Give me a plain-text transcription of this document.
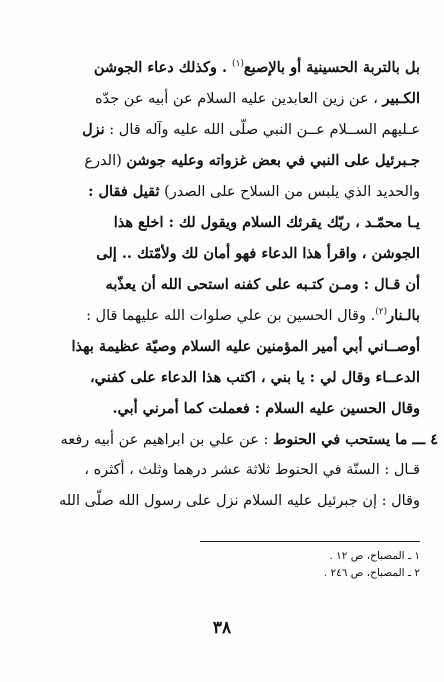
بل بالتربة الحسينية أو بالإصبع$^{(١)}$ . وكذلك دعاء الجوشن
الكـبير ، عن زين العابدين عليه السلام عن أبيه عن جدّه
عـليهم الســلام عــن النبي صلّى الله عليه وآله قال : نزل
جـبرئيل على النبي في بعض غزواته وعليه جوشن (الدرع
والحديد الذي يلبس من السلاح على الصدر) ثقيل فقال :
يـا محمّـد ، ربّك يقرئك السلام ويقول لك : اخلع هذا
الجوشن ، واقرأ هذا الدعاء فهو أمان لك ولأمّتك .. إلى
أن قـال : ومـن كتـبه على كفنه استحى الله أن يعذّبه
بالـنار$^{(٢)}$. وقال الحسين بن علي صلوات الله عليهما قال :
أوصــاني أبي أمير المؤمنين عليه السلام وصيّة عظيمة بهذا
الدعــاء وقال لي : يا بني ، اكتب هذا الدعاء على كفني،
وقال الحسين عليه السلام : فعملت كما أمرني أبي.
٤ ـــ ما يستحب في الحنوط : عن علي بن ابراهيم عن أبيه رفعه
قـال : السنّة في الحنوط ثلاثة عشر درهما وثلث ، أكثره ،
وقال : إن جبرئيل عليه السلام نزل على رسول الله صلّى الله
١ ـ المصباح، ص ١٢ .
٢ ـ المصباح، ص ٢٤٦ .
٣٨
